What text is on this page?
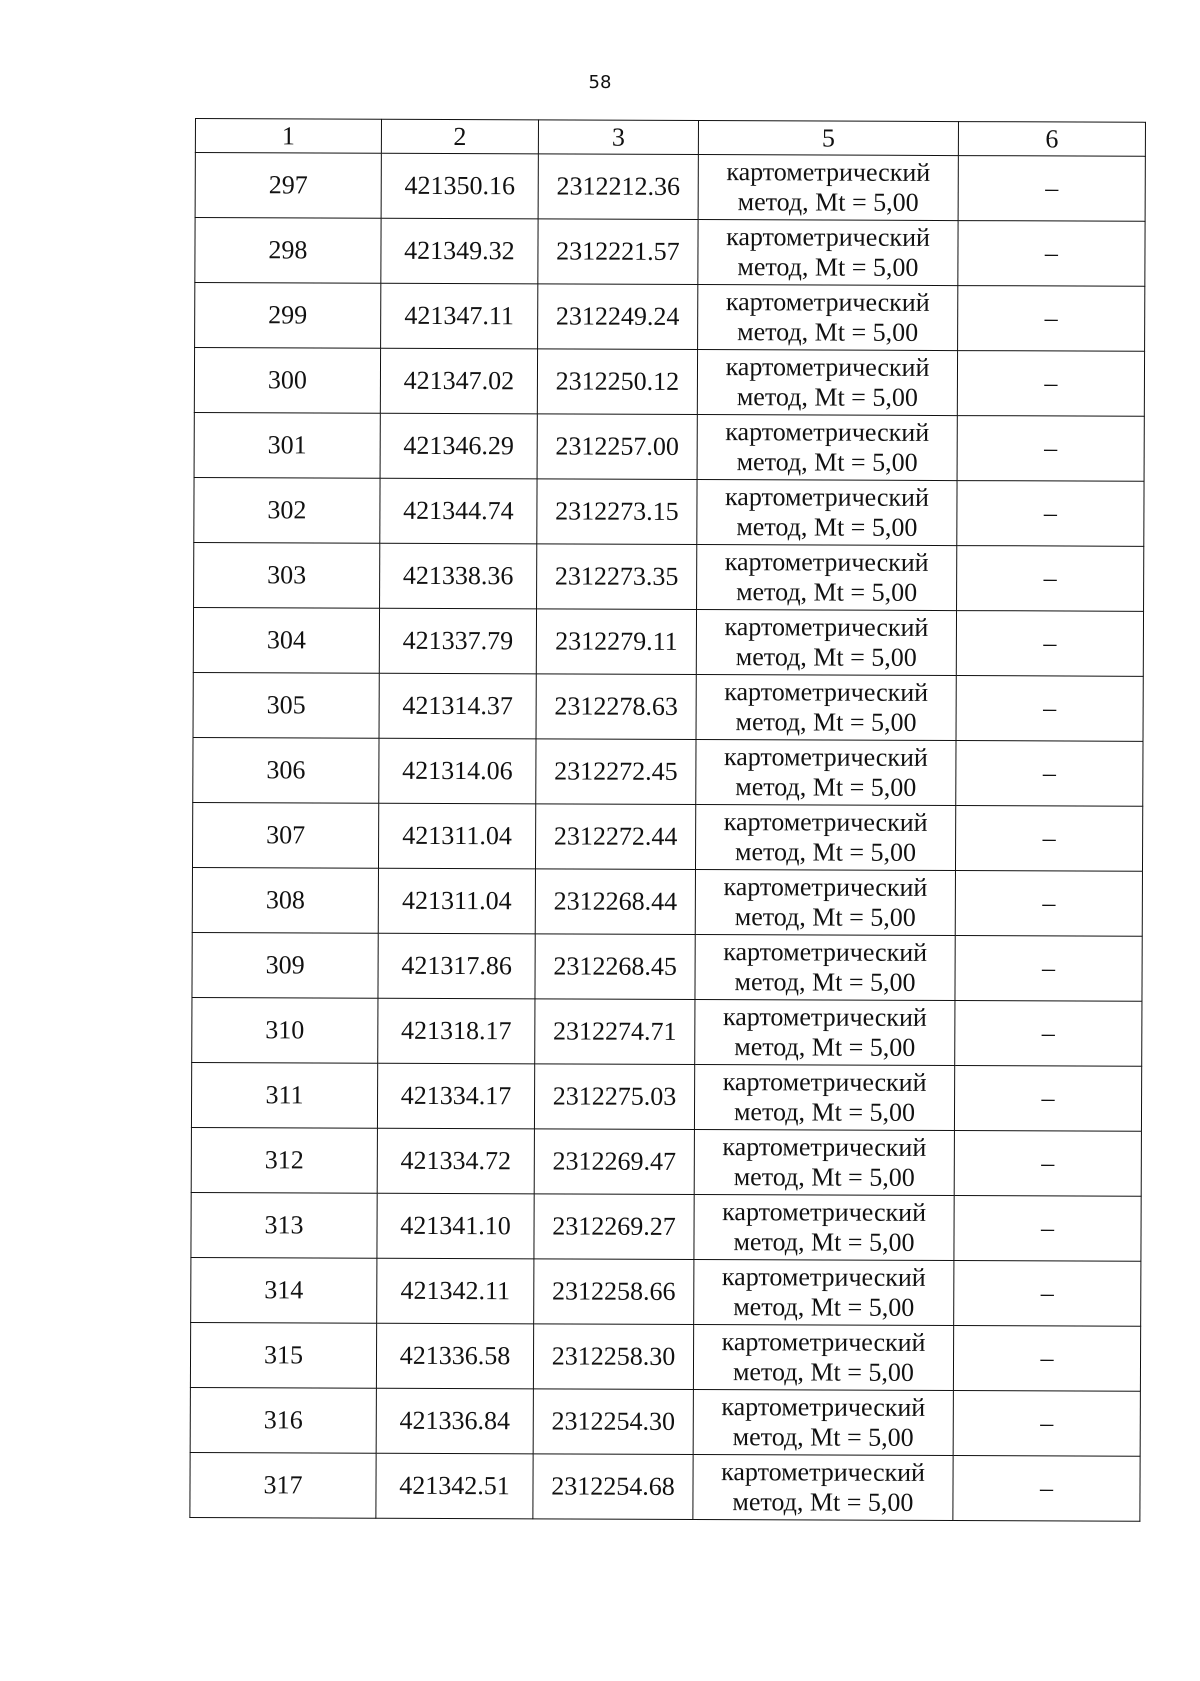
58
1	2	3	5	6
297	421350.16	2312212.36	картометрический метод, Mt = 5,00	–
298	421349.32	2312221.57	картометрический метод, Mt = 5,00	–
299	421347.11	2312249.24	картометрический метод, Mt = 5,00	–
300	421347.02	2312250.12	картометрический метод, Mt = 5,00	–
301	421346.29	2312257.00	картометрический метод, Mt = 5,00	–
302	421344.74	2312273.15	картометрический метод, Mt = 5,00	–
303	421338.36	2312273.35	картометрический метод, Mt = 5,00	–
304	421337.79	2312279.11	картометрический метод, Mt = 5,00	–
305	421314.37	2312278.63	картометрический метод, Mt = 5,00	–
306	421314.06	2312272.45	картометрический метод, Mt = 5,00	–
307	421311.04	2312272.44	картометрический метод, Mt = 5,00	–
308	421311.04	2312268.44	картометрический метод, Mt = 5,00	–
309	421317.86	2312268.45	картометрический метод, Mt = 5,00	–
310	421318.17	2312274.71	картометрический метод, Mt = 5,00	–
311	421334.17	2312275.03	картометрический метод, Mt = 5,00	–
312	421334.72	2312269.47	картометрический метод, Mt = 5,00	–
313	421341.10	2312269.27	картометрический метод, Mt = 5,00	–
314	421342.11	2312258.66	картометрический метод, Mt = 5,00	–
315	421336.58	2312258.30	картометрический метод, Mt = 5,00	–
316	421336.84	2312254.30	картометрический метод, Mt = 5,00	–
317	421342.51	2312254.68	картометрический метод, Mt = 5,00	–
